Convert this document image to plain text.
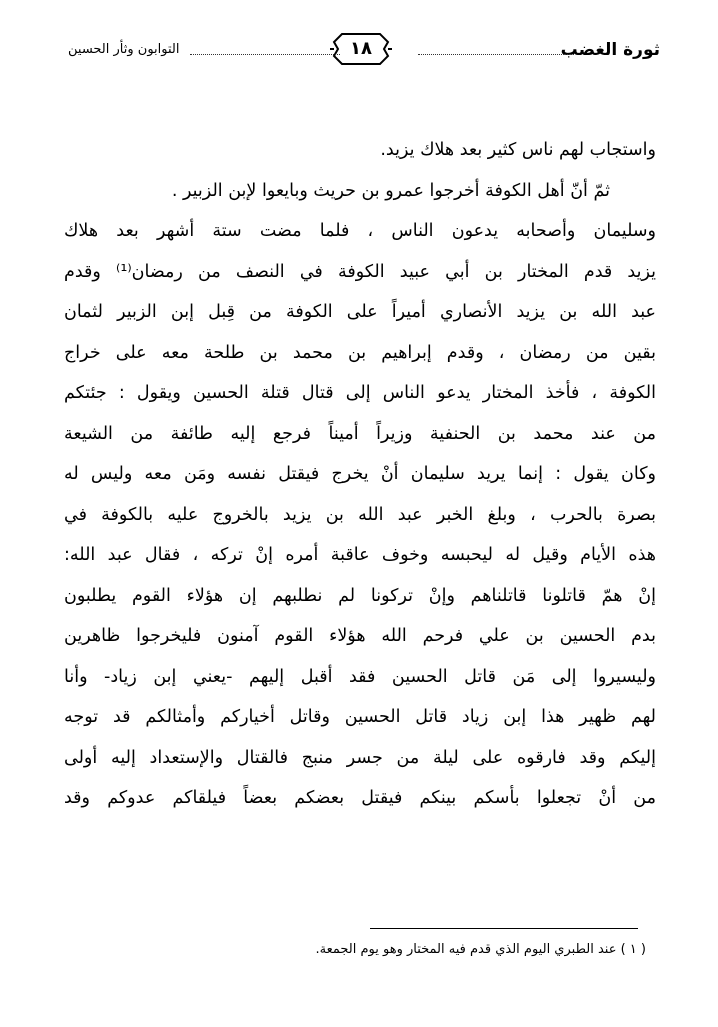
ثورة الغضب
١٨
التوابون وثأر الحسين
واستجاب لهم ناس كثير بعد هلاك يزيد.
ثمّ أنّ أهل الكوفة أخرجوا عمرو بن حريث وبايعوا لإبن الزبير .
وسليمان وأصحابه يدعون الناس ، فلما مضت ستة أشهر بعد هلاك
يزيد قدم المختار بن أبي عبيد الكوفة في النصف من رمضان⁽¹⁾ وقدم
عبد الله بن يزيد الأنصاري أميراً على الكوفة من قِبل إبن الزبير لثمان
بقين من رمضان ، وقدم إبراهيم بن محمد بن طلحة معه على خراج
الكوفة ، فأخذ المختار يدعو الناس إلى قتال قتلة الحسين ويقول : جئتكم
من عند محمد بن الحنفية وزيراً أميناً فرجع إليه طائفة من الشيعة
وكان يقول : إنما يريد سليمان أنْ يخرج فيقتل نفسه ومَن معه وليس له
بصرة بالحرب ، وبلغ الخبر عبد الله بن يزيد بالخروج عليه بالكوفة في
هذه الأيام وقيل له ليحبسه وخوف عاقبة أمره إنْ تركه ، فقال عبد الله:
إنْ همّ قاتلونا قاتلناهم وإنْ تركونا لم نطلبهم إن هؤلاء القوم يطلبون
بدم الحسين بن علي فرحم الله هؤلاء القوم آمنون فليخرجوا ظاهرين
وليسيروا إلى مَن قاتل الحسين فقد أقبل إليهم -يعني إبن زياد- وأنا
لهم ظهير هذا إبن زياد قاتل الحسين وقاتل أخياركم وأمثالكم قد توجه
إليكم وقد فارقوه على ليلة من جسر منبج فالقتال والإستعداد إليه أولى
من أنْ تجعلوا بأسكم بينكم فيقتل بعضكم بعضاً فيلقاكم عدوكم وقد
( ١ ) عند الطبري اليوم الذي قدم فيه المختار وهو يوم الجمعة.
